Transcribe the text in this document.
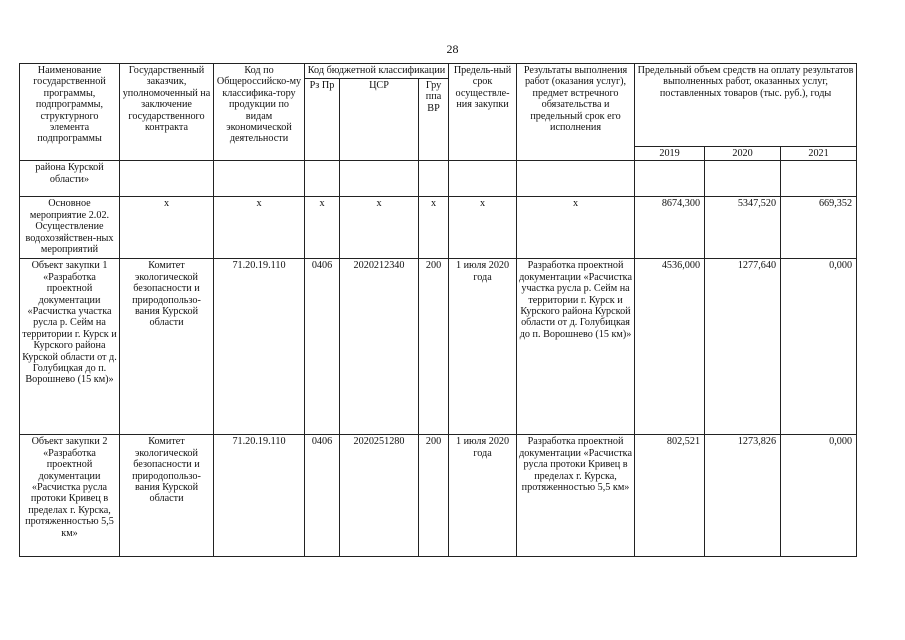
28
Наименование государственной программы, подпрограммы, структурного элемента подпрограммы	Государственный заказчик, уполномоченный на заключение государственного контракта	Код по Общероссийско-му классифика-тору продукции по видам экономической деятельности	Код бюджетной классификации			Предель-ный срок осуществле-ния закупки	Результаты выполнения работ (оказания услуг), предмет встречного обязательства и предельный срок его исполнения	Предельный объем средств на оплату результатов выполненных работ, оказанных услуг, поставленных товаров (тыс. руб.), годы		
			Рз Пр	ЦСР	Гру ппа ВР					
								2019	2020	2021
района Курской области»										
Основное мероприятие 2.02. Осуществление водохозяйствен-ных мероприятий	x	x	x	x	x	x	x	8674,300	5347,520	669,352
Объект закупки 1 «Разработка проектной документации «Расчистка участка русла р. Сейм на территории г. Курск и Курского района Курской области от д. Голубицкая до п. Ворошнево (15 км)»	Комитет экологической безопасности и природопользо-вания Курской области	71.20.19.110	0406	2020212340	200	1 июля 2020 года	Разработка проектной документации «Расчистка участка русла р. Сейм на территории г. Курск и Курского района Курской области от д. Голубицкая до п. Ворошнево (15 км)»	4536,000	1277,640	0,000
Объект закупки 2 «Разработка проектной документации «Расчистка русла протоки Кривец в пределах г. Курска, протяженностью 5,5 км»	Комитет экологической безопасности и природопользо-вания Курской области	71.20.19.110	0406	2020251280	200	1 июля 2020 года	Разработка проектной документации «Расчистка русла протоки Кривец в пределах г. Курска, протяженностью 5,5 км»	802,521	1273,826	0,000
